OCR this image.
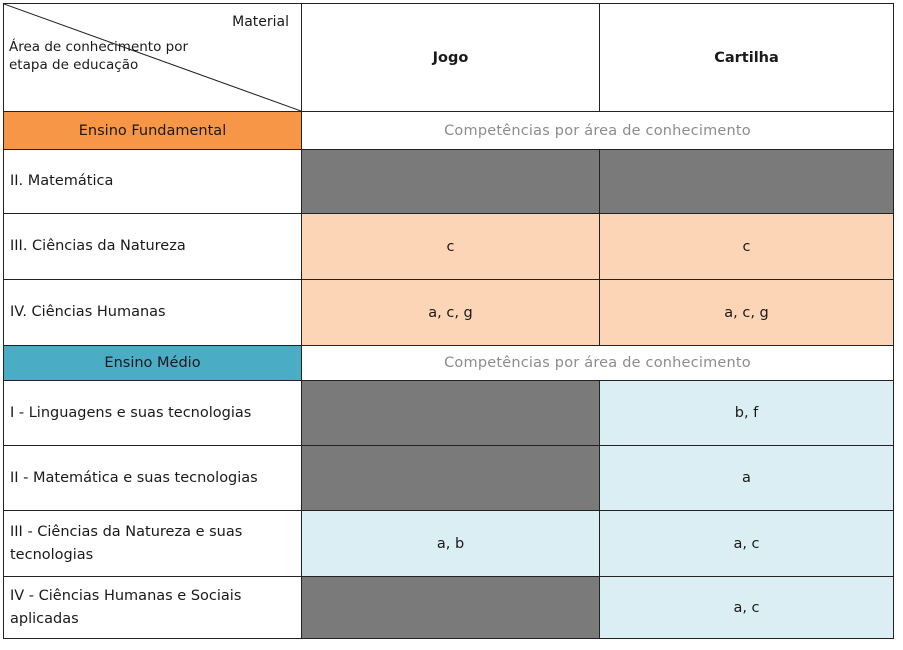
Material
Área de conhecimento por etapa de educação	Jogo	Cartilha
Ensino Fundamental	Competências por área de conhecimento	
II. Matemática		
III. Ciências da Natureza	c	c
IV. Ciências Humanas	a, c, g	a, c, g
Ensino Médio	Competências por área de conhecimento	
I - Linguagens e suas tecnologias		b, f
II - Matemática e suas tecnologias		a
III - Ciências da Natureza e suas tecnologias	a, b	a, c
IV - Ciências Humanas e Sociais aplicadas		a, c
